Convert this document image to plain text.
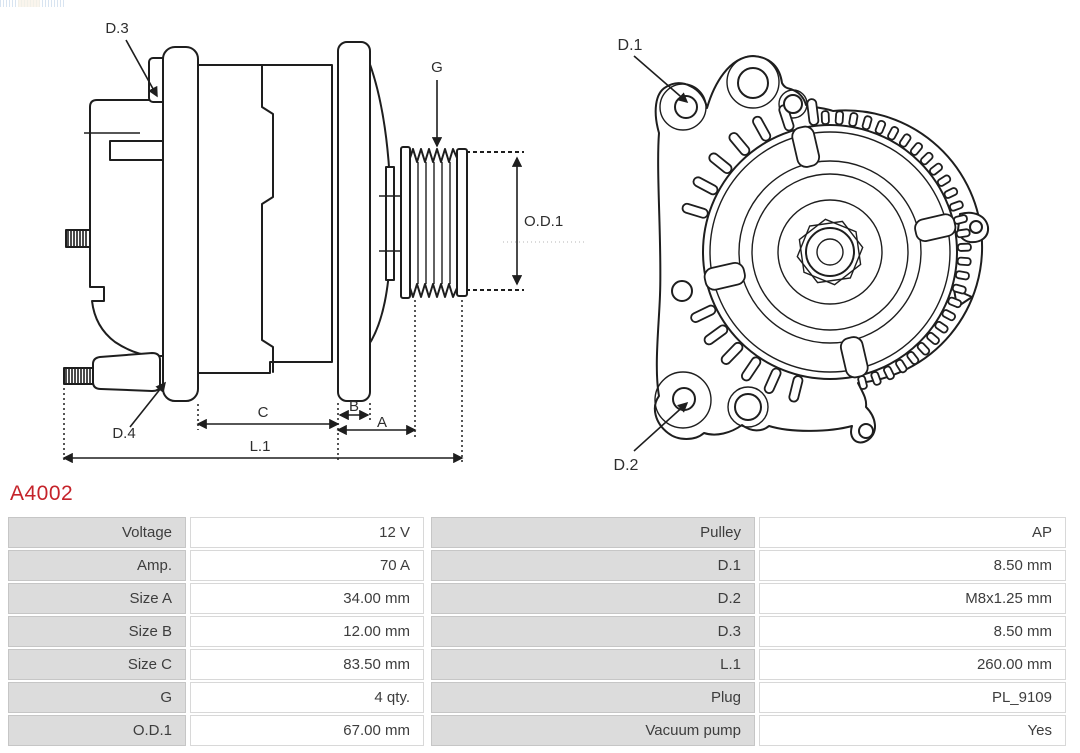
G
O.D.1
C	B
A
L.1
D.3
D.4
D.1
D.2
A4002
Voltage	12 V	Pulley	AP
Amp.	70 A	D.1	8.50 mm
Size A	34.00 mm	D.2	M8x1.25 mm
Size B	12.00 mm	D.3	8.50 mm
Size C	83.50 mm	L.1	260.00 mm
G	4 qty.	Plug	PL_9109
O.D.1	67.00 mm	Vacuum pump	Yes
